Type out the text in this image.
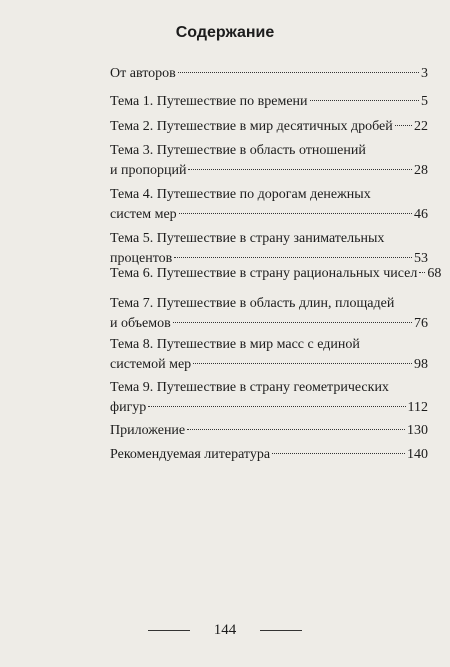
Содержание
От авторов	3
Тема 1. Путешествие по времени	5
Тема 2. Путешествие в мир десятичных дробей 22
Тема 3. Путешествие в область отношений
и пропорций	28
Тема 4. Путешествие по дорогам денежных
систем мер	46
Тема 5. Путешествие в страну занимательных
процентов	53
Тема 6. Путешествие в страну рациональных чисел 68
Тема 7. Путешествие в область длин, площадей
и объемов	76
Тема 8. Путешествие в мир масс с единой
системой мер	98
Тема 9. Путешествие в страну геометрических
фигур	112
Приложение	130
Рекомендуемая литература	140
144
